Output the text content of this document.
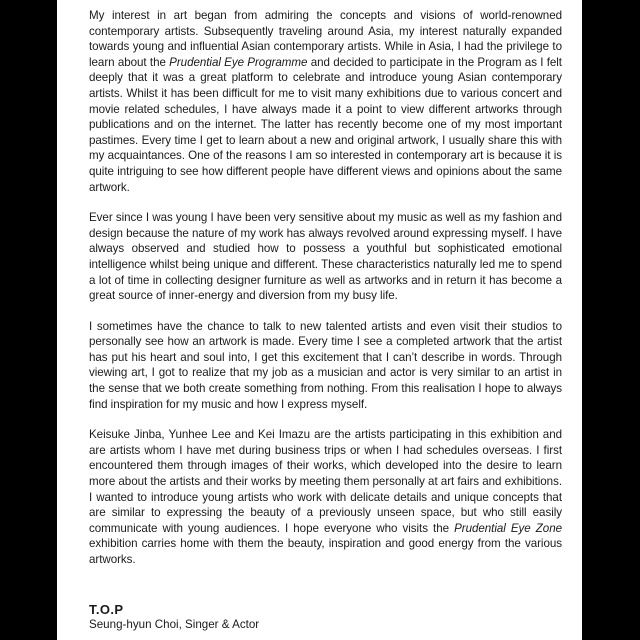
My interest in art began from admiring the concepts and visions of world-renowned contemporary artists. Subsequently traveling around Asia, my interest naturally expanded towards young and influential Asian contemporary artists. While in Asia, I had the privilege to learn about the Prudential Eye Programme and decided to participate in the Program as I felt deeply that it was a great platform to celebrate and introduce young Asian contemporary artists. Whilst it has been difficult for me to visit many exhibitions due to various concert and movie related schedules, I have always made it a point to view different artworks through publications and on the internet. The latter has recently become one of my most important pastimes. Every time I get to learn about a new and original artwork, I usually share this with my acquaintances. One of the reasons I am so interested in contemporary art is because it is quite intriguing to see how different people have different views and opinions about the same artwork.

Ever since I was young I have been very sensitive about my music as well as my fashion and design because the nature of my work has always revolved around expressing myself. I have always observed and studied how to possess a youthful but sophisticated emotional intelligence whilst being unique and different. These characteristics naturally led me to spend a lot of time in collecting designer furniture as well as artworks and in return it has become a great source of inner-energy and diversion from my busy life.

I sometimes have the chance to talk to new talented artists and even visit their studios to personally see how an artwork is made. Every time I see a completed artwork that the artist has put his heart and soul into, I get this excitement that I can’t describe in words. Through viewing art, I got to realize that my job as a musician and actor is very similar to an artist in the sense that we both create something from nothing. From this realisation I hope to always find inspiration for my music and how I express myself.

Keisuke Jinba, Yunhee Lee and Kei Imazu are the artists participating in this exhibition and are artists whom I have met during business trips or when I had schedules overseas. I first encountered them through images of their works, which developed into the desire to learn more about the artists and their works by meeting them personally at art fairs and exhibitions. I wanted to introduce young artists who work with delicate details and unique concepts that are similar to expressing the beauty of a previously unseen space, but who still easily communicate with young audiences. I hope everyone who visits the Prudential Eye Zone exhibition carries home with them the beauty, inspiration and good energy from the various artworks.

T.O.P
Seung-hyun Choi, Singer & Actor
